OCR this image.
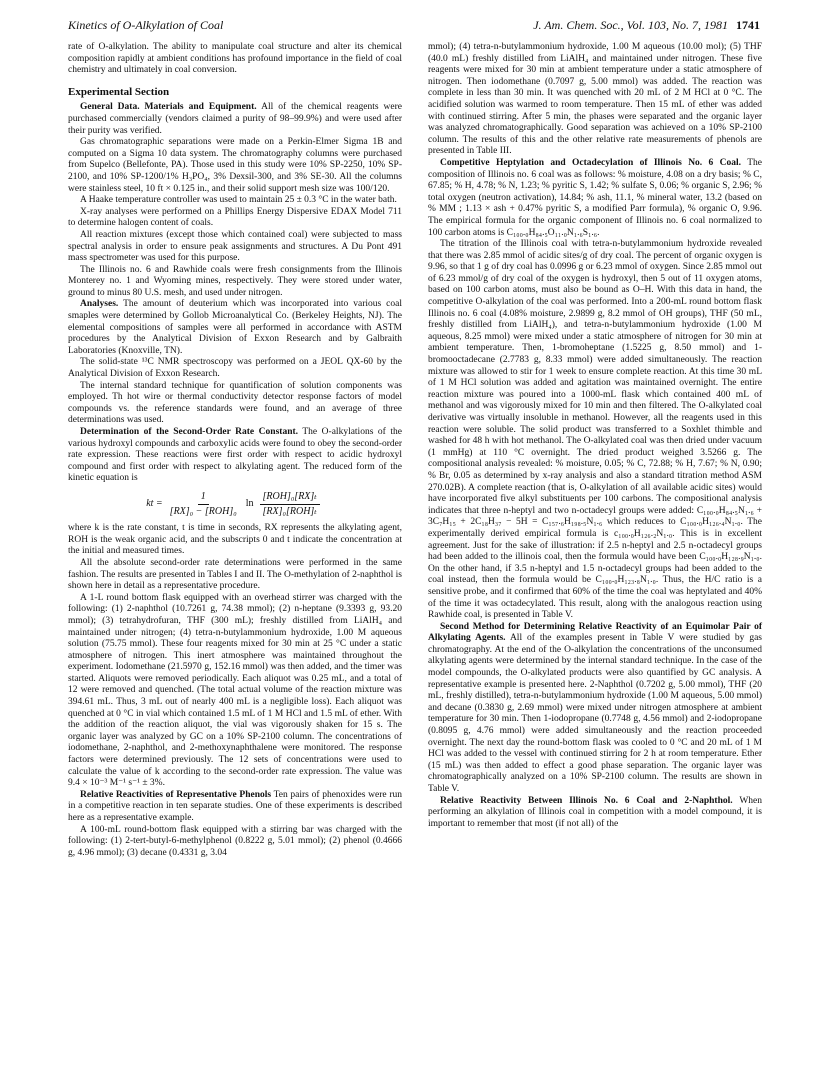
Kinetics of O-Alkylation of Coal	J. Am. Chem. Soc., Vol. 103, No. 7, 1981 1741

rate of O-alkylation. The ability to manipulate coal structure and alter its chemical composition rapidly at ambient conditions has profound importance in the field of coal chemistry and ultimately in coal conversion.

Experimental Section

General Data. Materials and Equipment. All of the chemical reagents were purchased commercially (vendors claimed a purity of 98–99.9%) and were used after their purity was verified.

Gas chromatographic separations were made on a Perkin-Elmer Sigma 1B and computed on a Sigma 10 data system. The chromatography columns were purchased from Supelco (Bellefonte, PA). Those used in this study were 10% SP-2250, 10% SP-2100, and 10% SP-1200/1% H₃PO₄, 3% Dexsil-300, and 3% SE-30. All the columns were stainless steel, 10 ft × 0.125 in., and their solid support mesh size was 100/120.

A Haake temperature controller was used to maintain 25 ± 0.3 °C in the water bath.

X-ray analyses were performed on a Phillips Energy Dispersive EDAX Model 711 to determine halogen content of coals.

All reaction mixtures (except those which contained coal) were subjected to mass spectral analysis in order to ensure peak assignments and structures. A Du Pont 491 mass spectrometer was used for this purpose.

The Illinois no. 6 and Rawhide coals were fresh consignments from the Illinois Monterey no. 1 and Wyoming mines, respectively. They were stored under water, ground to minus 80 U.S. mesh, and used under nitrogen.

Analyses. The amount of deuterium which was incorporated into various coal smaples were determined by Gollob Microanalytical Co. (Berkeley Heights, NJ). The elemental compositions of samples were all performed in accordance with ASTM procedures by the Analytical Division of Exxon Research and by Galbraith Laboratories (Knoxville, TN).

The solid-state ¹³C NMR spectroscopy was performed on a JEOL QX-60 by the Analytical Division of Exxon Research.

The internal standard technique for quantification of solution components was employed. Th hot wire or thermal conductivity detector response factors of model compounds vs. the reference standards were found, and an average of three determinations was used.

Determination of the Second-Order Rate Constant. The O-alkylations of the various hydroxyl compounds and carboxylic acids were found to obey the second-order rate expression. These reactions were first order with respect to acidic hydroxyl compound and first order with respect to alkylating agent. The reduced form of the kinetic equation is

kt = $\frac{1}{\text{[RX]₀ − [ROH]₀}}$ $\ln \frac{\text{[ROH]₀[RX]ₜ}}{\text{[RX]₀[ROH]ₜ}}$

where k is the rate constant, t is time in seconds, RX represents the alkylating agent, ROH is the weak organic acid, and the subscripts 0 and t indicate the concentration at the initial and measured times.

All the absolute second-order rate determinations were performed in the same fashion. The results are presented in Tables I and II. The O-methylation of 2-naphthol is shown here in detail as a representative procedure.

A 1-L round bottom flask equipped with an overhead stirrer was charged with the following: (1) 2-naphthol (10.7261 g, 74.38 mmol); (2) n-heptane (9.3393 g, 93.20 mmol); (3) tetrahydrofuran, THF (300 mL); freshly distilled from LiAlH₄ and maintained under nitrogen; (4) tetra-n-butylammonium hydroxide, 1.00 M aqueous solution (75.75 mmol). These four reagents mixed for 30 min at 25 °C under a static atmosphere of nitrogen. This inert atmosphere was maintained throughout the experiment. Iodomethane (21.5970 g, 152.16 mmol) was then added, and the timer was started. Aliquots were removed periodically. Each aliquot was 0.25 mL, and a total of 12 were removed and quenched. (The total actual volume of the reaction mixture was 394.61 mL. Thus, 3 mL out of nearly 400 mL is a negligible loss). Each aliquot was quenched at 0 °C in vial which contained 1.5 mL of 1 M HCl and 1.5 mL of ether. With the addition of the reaction aliquot, the vial was vigorously shaken for 15 s. The organic layer was analyzed by GC on a 10% SP-2100 column. The concentrations of iodomethane, 2-naphthol, and 2-methoxynaphthalene were monitored. The response factors were determined previously. The 12 sets of concentrations were used to calculate the value of k according to the second-order rate expression. The value was 9.4 × 10⁻³ M⁻¹ s⁻¹ ± 3%.

Relative Reactivities of Representative Phenols Ten pairs of phenoxides were run in a competitive reaction in ten separate studies. One of these experiments is described here as a representative example.

A 100-mL round-bottom flask equipped with a stirring bar was charged with the following: (1) 2-tert-butyl-6-methylphenol (0.8222 g, 5.01 mmol); (2) phenol (0.4666 g, 4.96 mmol); (3) decane (0.4331 g, 3.04

mmol); (4) tetra-n-butylammonium hydroxide, 1.00 M aqueous (10.00 mol); (5) THF (40.0 mL) freshly distilled from LiAlH₄ and maintained under nitrogen. These five reagents were mixed for 30 min at ambient temperature under a static atmosphere of nitrogen. Then iodomethane (0.7097 g, 5.00 mmol) was added. The reaction was complete in less than 30 min. It was quenched with 20 mL of 2 M HCl at 0 °C. The acidified solution was warmed to room temperature. Then 15 mL of ether was added with continued stirring. After 5 min, the phases were separated and the organic layer was analyzed chromatographically. Good separation was achieved on a 10% SP-2100 column. The results of this and the other relative rate measurements of phenols are presented in Table III.

Competitive Heptylation and Octadecylation of Illinois No. 6 Coal. The composition of Illinois no. 6 coal was as follows: % moisture, 4.08 on a dry basis; % C, 67.85; % H, 4.78; % N, 1.23; % pyritic S, 1.42; % sulfate S, 0.06; % organic S, 2.96; % total oxygen (neutron activation), 14.84; % ash, 11.1, % mineral water, 13.2 (based on % MM ; 1.13 × ash + 0.47% pyritic S, a modified Parr formula), % organic O, 9.96. The empirical formula for the organic component of Illinois no. 6 coal normalized to 100 carbon atoms is C₁₀₀.₀H₈₄.₅O₁₁.₀N₁.₆S₁.₆.

The titration of the Illinois coal with tetra-n-butylammonium hydroxide revealed that there was 2.85 mmol of acidic sites/g of dry coal. The percent of organic oxygen is 9.96, so that 1 g of dry coal has 0.0996 g or 6.23 mmol of oxygen. Since 2.85 mmol out of 6.23 mmol/g of dry coal of the oxygen is hydroxyl, then 5 out of 11 oxygen atoms, based on 100 carbon atoms, must also be bound as O–H. With this data in hand, the competitive O-alkylation of the coal was performed. Into a 200-mL round bottom flask Illinois no. 6 coal (4.08% moisture, 2.9899 g, 8.2 mmol of OH groups), THF (50 mL, freshly distilled from LiAlH₄), and tetra-n-butylammonium hydroxide (1.00 M aqueous, 8.25 mmol) were mixed under a static atmosphere of nitrogen for 30 min at ambient temperature. Then, 1-bromoheptane (1.5225 g, 8.50 mmol) and 1-bromooctadecane (2.7783 g, 8.33 mmol) were added simultaneously. The reaction mixture was allowed to stir for 1 week to ensure complete reaction. At this time 30 mL of 1 M HCl solution was added and agitation was maintained overnight. The entire reaction mixture was poured into a 1000-mL flask which contained 400 mL of methanol and was vigorously mixed for 10 min and then filtered. The O-alkylated coal derivative was virtually insoluble in methanol. However, all the reagents used in this reaction were soluble. The solid product was transferred to a Soxhlet thimble and washed for 48 h with hot methanol. The O-alkylated coal was then dried under vacuum (1 mmHg) at 110 °C overnight. The dried product weighed 3.5266 g. The compositional analysis revealed: % moisture, 0.05; % C, 72.88; % H, 7.67; % N, 0.90; % Br, 0.05 as determined by x-ray analysis and also a standard titration method ASM 270.02B). A complete reaction (that is, O-alkylation of all available acidic sites) would have incorporated five alkyl substituents per 100 carbons. The compositional analysis indicates that three n-heptyl and two n-octadecyl groups were added: C₁₀₀.₀H₈₄.₅N₁.₆ + 3C₇H₁₅ + 2C₁₈H₃₇ − 5H = C₁₅₇.₆H₁₉₈.₅N₁.₆ which reduces to C₁₀₀.₀H₁₂₆.₄N₁.₀. The experimentally derived empirical formula is c₁₀₀.₀H₁₂₆.₂N₁.₀. This is in excellent agreement. Just for the sake of illustration: if 2.5 n-heptyl and 2.5 n-octadecyl groups had been added to the illinois coal, then the formula would have been C₁₀₀.₀H₁₂₈.₉N₁.₀. On the other hand, if 3.5 n-heptyl and 1.5 n-octadecyl groups had been added to the coal instead, then the formula would be C₁₀₀.₀H₁₂₃.₈N₁.₀. Thus, the H/C ratio is a sensitive probe, and it confirmed that 60% of the time the coal was heptylated and 40% of the time it was octadecylated. This result, along with the analogous reaction using Rawhide coal, is presented in Table V.

Second Method for Determining Relative Reactivity of an Equimolar Pair of Alkylating Agents. All of the examples present in Table V were studied by gas chromatography. At the end of the O-alkylation the concentrations of the unconsumed alkylating agents were determined by the internal standard technique. In the case of the model compounds, the O-alkylated products were also quantified by GC analysis. A representative example is presented here. 2-Naphthol (0.7202 g, 5.00 mmol), THF (20 mL, freshly distilled), tetra-n-butylammonium hydroxide (1.00 M aqueous, 5.00 mmol) and decane (0.3830 g, 2.69 mmol) were mixed under nitrogen atmosphere at ambient temperature for 30 min. Then 1-iodopropane (0.7748 g, 4.56 mmol) and 2-iodopropane (0.8095 g, 4.76 mmol) were added simultaneously and the reaction proceeded overnight. The next day the round-bottom flask was cooled to 0 °C and 20 mL of 1 M HCl was added to the vessel with continued stirring for 2 h at room temperature. Ether (15 mL) was then added to effect a good phase separation. The organic layer was chromatographically analyzed on a 10% SP-2100 column. The results are shown in Table V.

Relative Reactivity Between Illinois No. 6 Coal and 2-Naphthol. When performing an alkylation of Illinois coal in competition with a model compound, it is important to remember that most (if not all) of the
